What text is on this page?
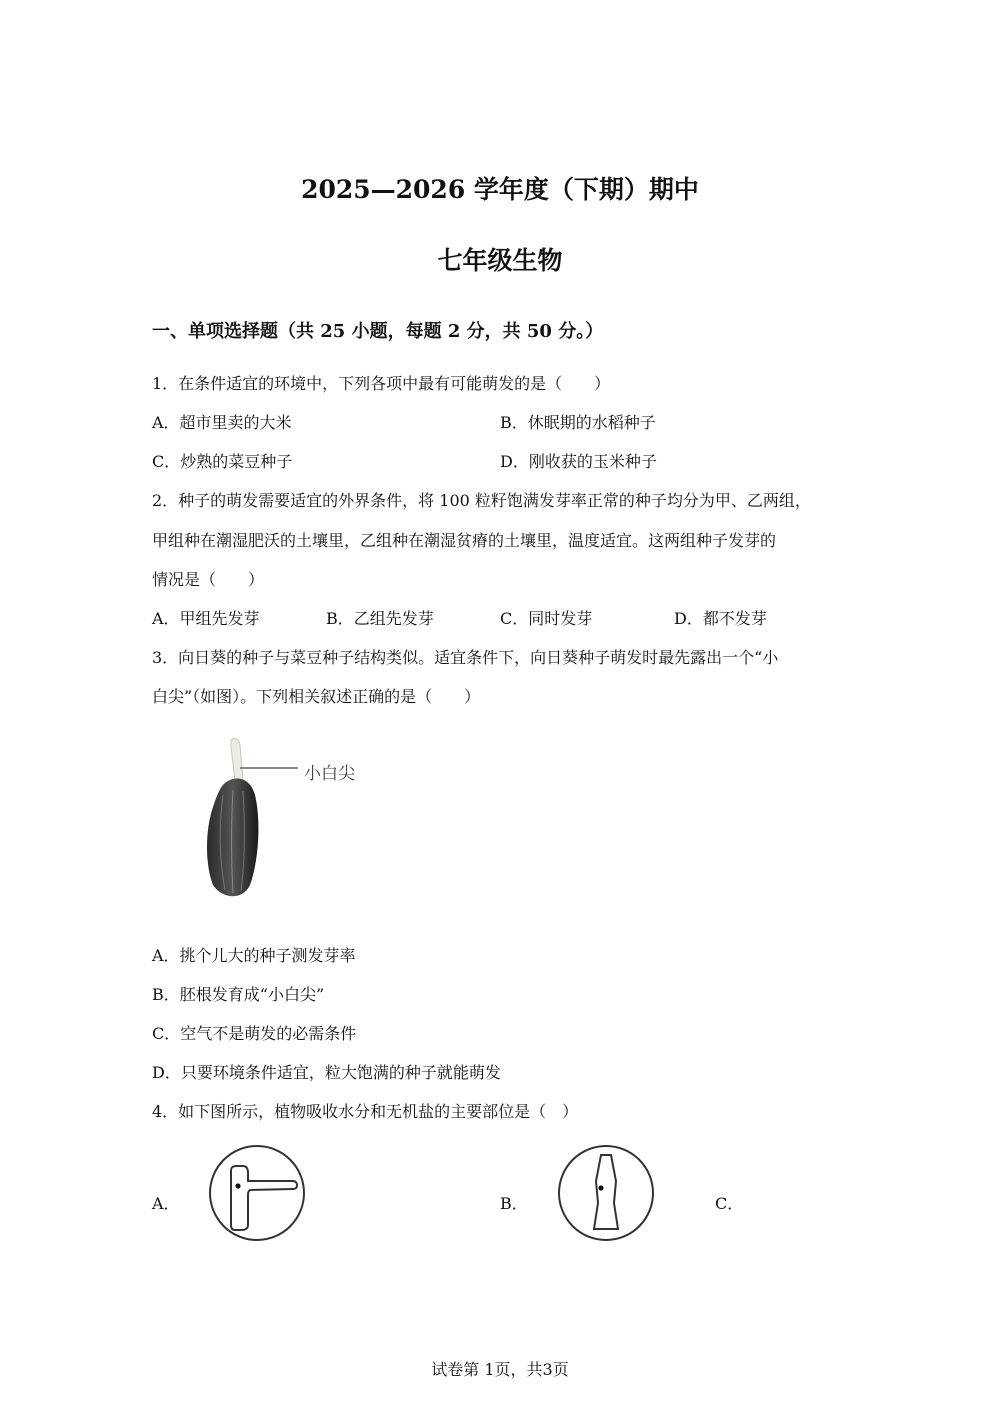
2025—2026 学年度（下期）期中
七年级生物
一、单项选择题（共 25 小题，每题 2 分，共 50 分。）
1．在条件适宜的环境中，下列各项中最有可能萌发的是（　　）
A．超市里卖的大米	B．休眠期的水稻种子
C．炒熟的菜豆种子	D．刚收获的玉米种子
2．种子的萌发需要适宜的外界条件，将 100 粒籽饱满发芽率正常的种子均分为甲、乙两组，
甲组种在潮湿肥沃的土壤里，乙组种在潮湿贫瘠的土壤里，温度适宜。这两组种子发芽的
情况是（　　）
A．甲组先发芽	B．乙组先发芽	C．同时发芽	D．都不发芽
3．向日葵的种子与菜豆种子结构类似。适宜条件下，向日葵种子萌发时最先露出一个“小
白尖”（如图）。下列相关叙述正确的是（　　）
小白尖
A．挑个儿大的种子测发芽率
B．胚根发育成“小白尖”
C．空气不是萌发的必需条件
D．只要环境条件适宜，粒大饱满的种子就能萌发
4．如下图所示，植物吸收水分和无机盐的主要部位是（　）
A．	B．	C．
试卷第 1页，共3页
